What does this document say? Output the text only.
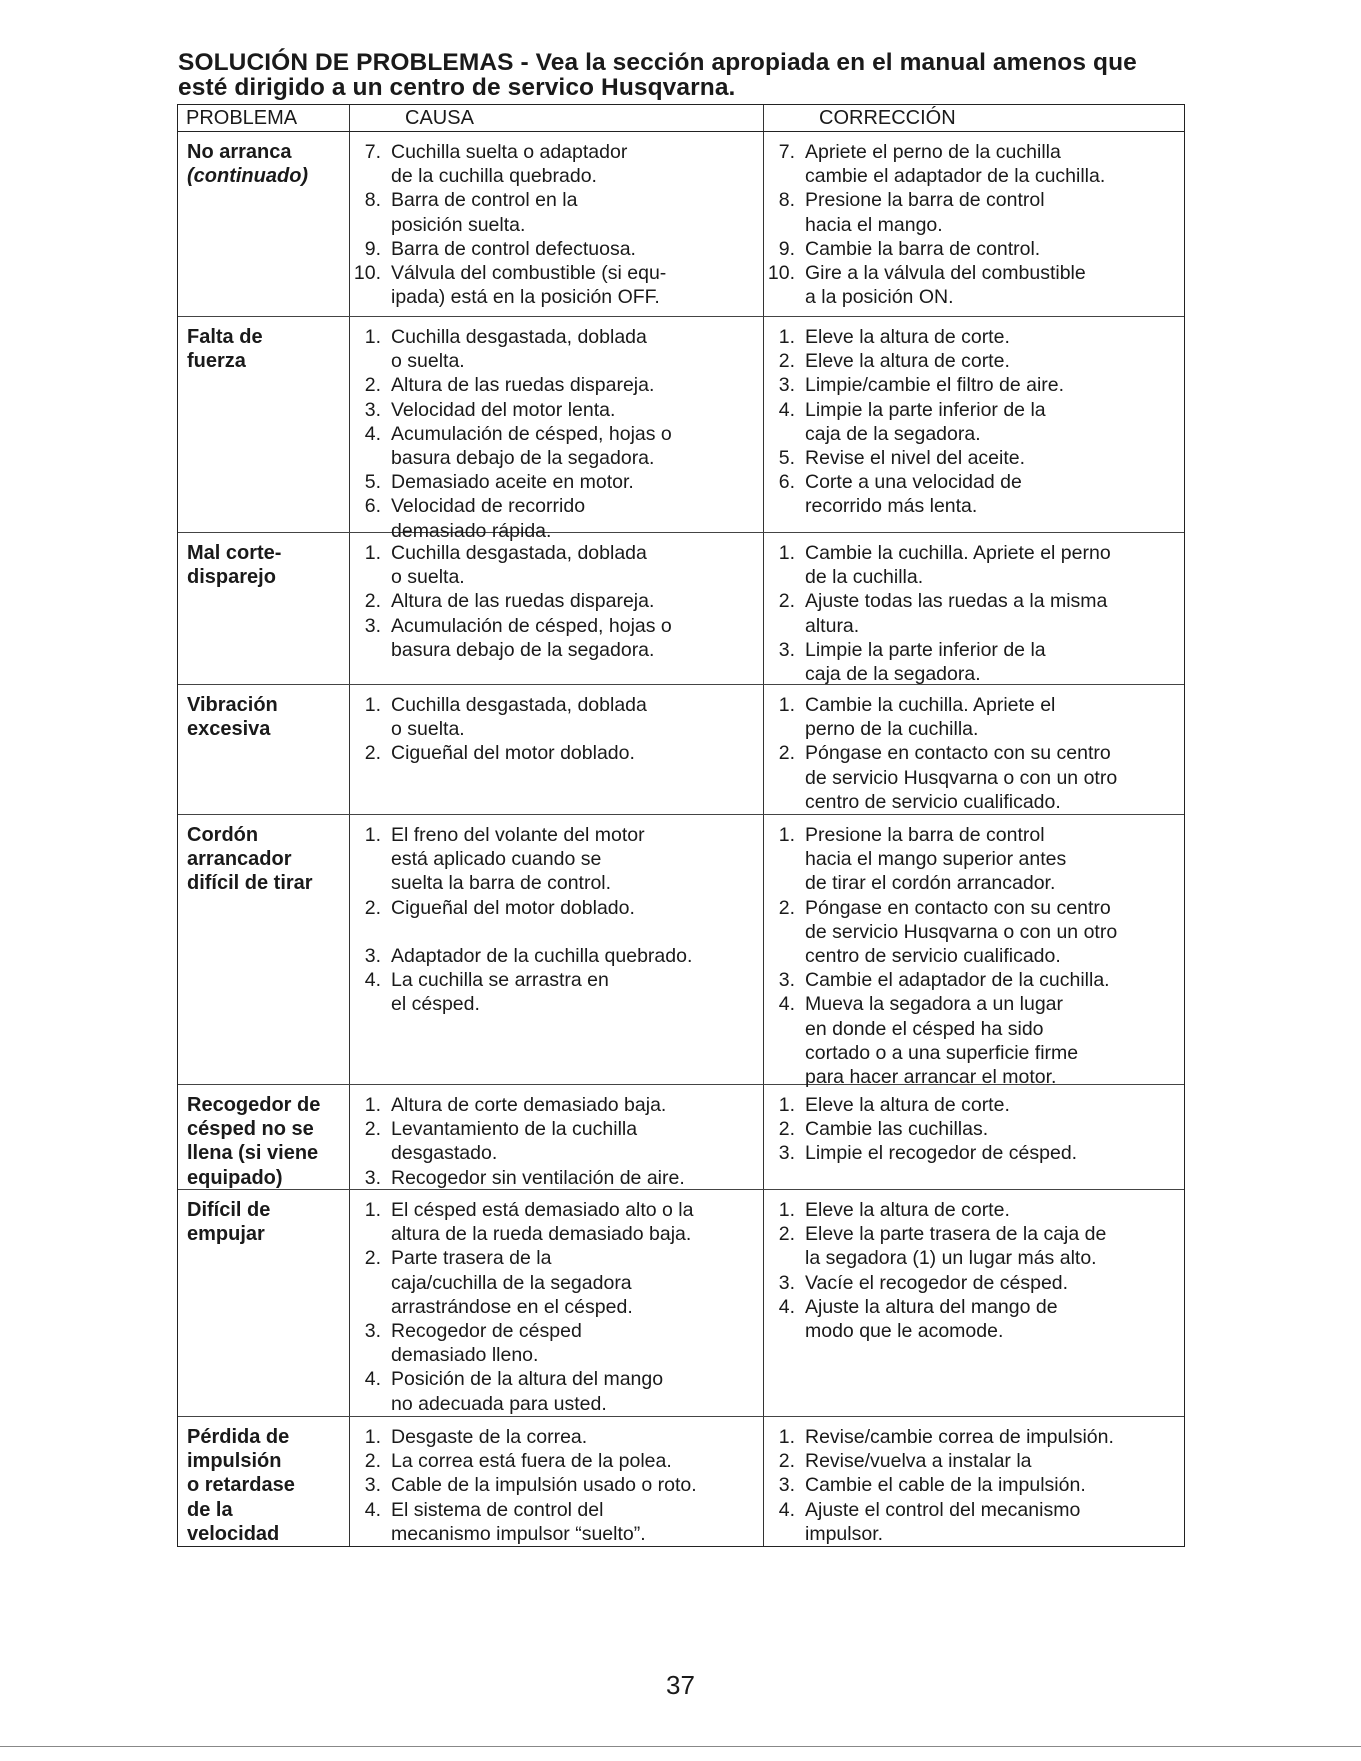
SOLUCIÓN DE PROBLEMAS - Vea la sección apropiada en el manual amenos que
esté dirigido a un centro de servico Husqvarna.
PROBLEMA	CAUSA	CORRECCIÓN
No arranca
(continuado)
7. Cuchilla suelta o adaptador
de la cuchilla quebrado.
8. Barra de control en la
posición suelta.
9. Barra de control defectuosa.
10. Válvula del combustible (si equ-
ipada) está en la posición OFF.
7. Apriete el perno de la cuchilla
cambie el adaptador de la cuchilla.
8. Presione la barra de control
hacia el mango.
9. Cambie la barra de control.
10. Gire a la válvula del combustible
a la posición ON.
Falta de
fuerza
1. Cuchilla desgastada, doblada
o suelta.
2. Altura de las ruedas dispareja.
3. Velocidad del motor lenta.
4. Acumulación de césped, hojas o
basura debajo de la segadora.
5. Demasiado aceite en motor.
6. Velocidad de recorrido
demasiado rápida.
1. Eleve la altura de corte.

2. Eleve la altura de corte.
3. Limpie/cambie el filtro de aire.
4. Limpie la parte inferior de la
caja de la segadora.
5. Revise el nivel del aceite.
6. Corte a una velocidad de
recorrido más lenta.
Mal corte-
disparejo
1. Cuchilla desgastada, doblada
o suelta.
2. Altura de las ruedas dispareja.

3. Acumulación de césped, hojas o
basura debajo de la segadora.
1. Cambie la cuchilla. Apriete el perno
de la cuchilla.
2. Ajuste todas las ruedas a la misma
altura.
3. Limpie la parte inferior de la
caja de la segadora.
Vibración
excesiva
1. Cuchilla desgastada, doblada
o suelta.
2. Cigueñal del motor doblado.
1. Cambie la cuchilla. Apriete el
perno de la cuchilla.
2. Póngase en contacto con su centro
de servicio Husqvarna o con un otro
centro de servicio cualificado.
Cordón
arrancador
difícil de tirar
1. El freno del volante del motor
está aplicado cuando se
suelta la barra de control.
2. Cigueñal del motor doblado.

3. Adaptador de la cuchilla quebrado.
4. La cuchilla se arrastra en
el césped.
1. Presione la barra de control
hacia el mango superior antes
de tirar el cordón arrancador.
2. Póngase en contacto con su centro
de servicio Husqvarna o con un otro
centro de servicio cualificado.
3. Cambie el adaptador de la cuchilla.
4. Mueva la segadora a un lugar
en donde el césped ha sido
cortado o a una superficie firme
para hacer arrancar el motor.
Recogedor de
césped no se
llena (si viene
equipado)
1. Altura de corte demasiado baja.
2. Levantamiento de la cuchilla
desgastado.
3. Recogedor sin ventilación de aire.
1. Eleve la altura de corte.
2. Cambie las cuchillas.

3. Limpie el recogedor de césped.
Difícil de
empujar
1. El césped está demasiado alto o la
altura de la rueda demasiado baja.
2. Parte trasera de la
caja/cuchilla de la segadora
arrastrándose en el césped.
3. Recogedor de césped
demasiado lleno.
4. Posición de la altura del mango
no adecuada para usted.
1. Eleve la altura de corte.

2. Eleve la parte trasera de la caja de
la segadora (1) un lugar más alto.

3. Vacíe el recogedor de césped.

4. Ajuste la altura del mango de
modo que le acomode.
Pérdida de
impulsión
o retardase
de la
velocidad
1. Desgaste de la correa.
2. La correa está fuera de la polea.
3. Cable de la impulsión usado o roto.
4. El sistema de control del
mecanismo impulsor “suelto”.
1. Revise/cambie correa de impulsión.
2. Revise/vuelva a instalar la
3. Cambie el cable de la impulsión.
4. Ajuste el control del mecanismo
impulsor.
37
